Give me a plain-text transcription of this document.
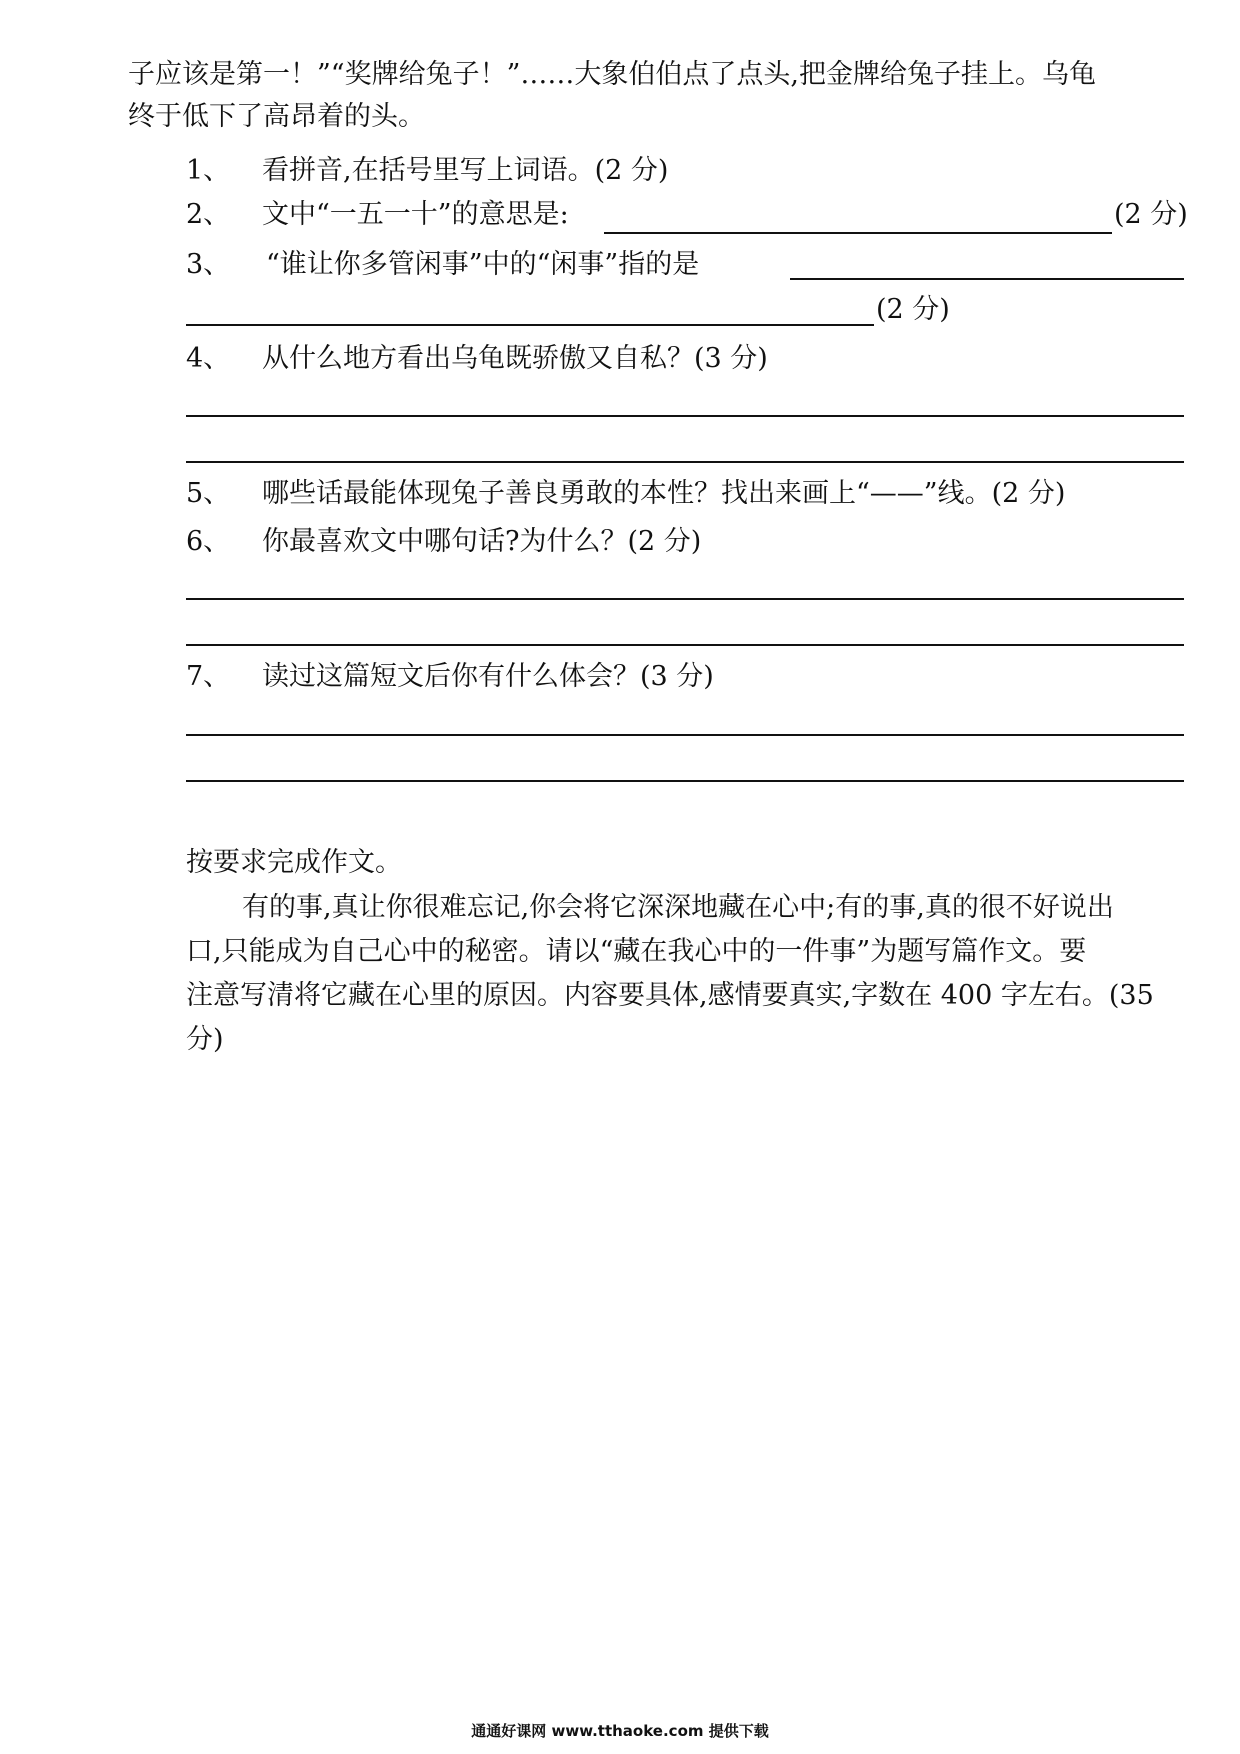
子应该是第一！”“奖牌给兔子！”……大象伯伯点了点头,把金牌给兔子挂上。乌龟
终于低下了高昂着的头。
1、 看拼音,在括号里写上词语。(2 分)
2、 文中“一五一十”的意思是:	(2 分)
3、 “谁让你多管闲事”中的“闲事”指的是
(2 分)
4、 从什么地方看出乌龟既骄傲又自私？(3 分)
5、 哪些话最能体现兔子善良勇敢的本性？找出来画上“——”线。(2 分)
6、 你最喜欢文中哪句话?为什么？(2 分)
7、 读过这篇短文后你有什么体会？(3 分)
按要求完成作文。
有的事,真让你很难忘记,你会将它深深地藏在心中;有的事,真的很不好说出
口,只能成为自己心中的秘密。请以“藏在我心中的一件事”为题写篇作文。要
注意写清将它藏在心里的原因。内容要具体,感情要真实,字数在 400 字左右。(35
分)
通通好课网 www.tthaoke.com 提供下载
